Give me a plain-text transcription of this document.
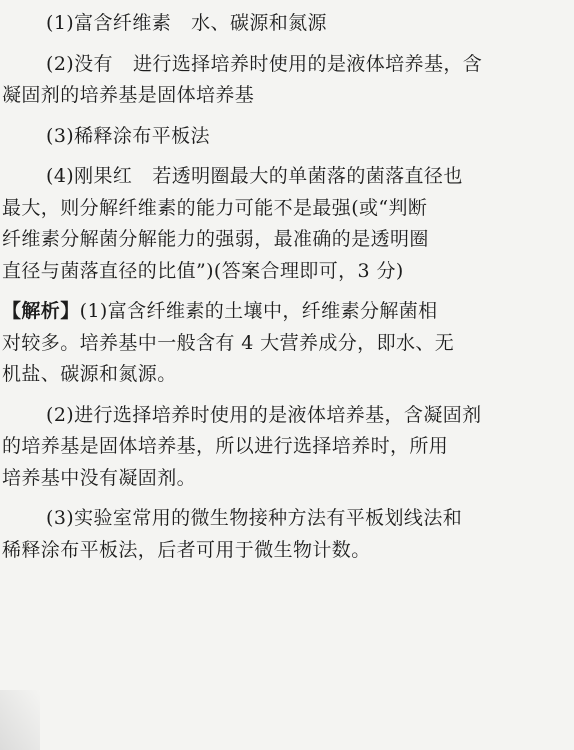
(1)富含纤维素 水、碳源和氮源
(2)没有 进行选择培养时使用的是液体培养基，含
凝固剂的培养基是固体培养基
(3)稀释涂布平板法
(4)刚果红 若透明圈最大的单菌落的菌落直径也
最大，则分解纤维素的能力可能不是最强(或“判断
纤维素分解菌分解能力的强弱，最准确的是透明圈
直径与菌落直径的比值”)(答案合理即可，3 分)
【解析】(1)富含纤维素的土壤中，纤维素分解菌相
对较多。培养基中一般含有 4 大营养成分，即水、无
机盐、碳源和氮源。
(2)进行选择培养时使用的是液体培养基，含凝固剂
的培养基是固体培养基，所以进行选择培养时，所用
培养基中没有凝固剂。
(3)实验室常用的微生物接种方法有平板划线法和
稀释涂布平板法，后者可用于微生物计数。
